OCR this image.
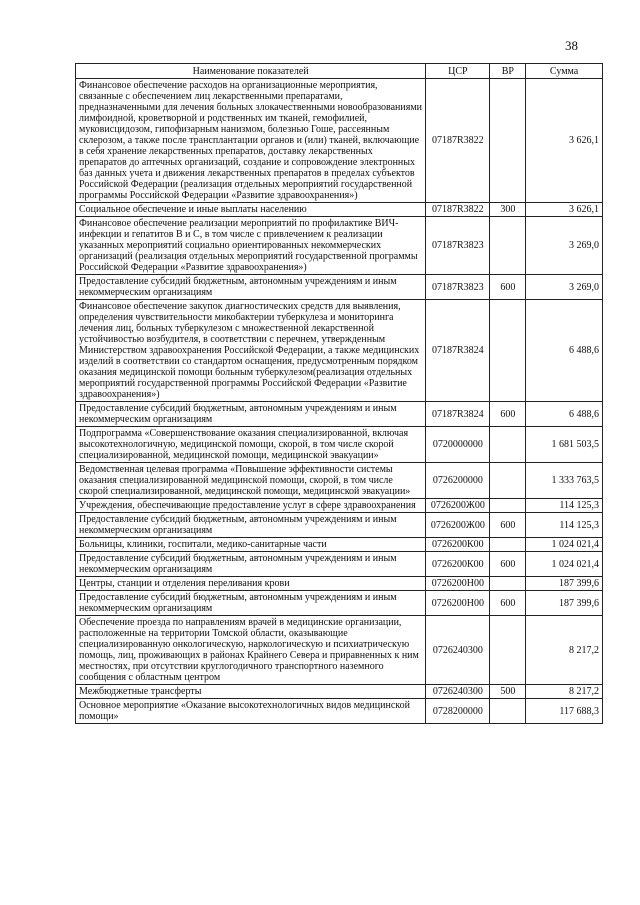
38
Наименование показателей	ЦСР	ВР	Сумма
Финансовое обеспечение расходов на организационные мероприятия, связанные с обеспечением лиц лекарственными препаратами, предназначенными для лечения больных злокачественными новообразованиями лимфоидной, кроветворной и родственных им тканей, гемофилией, муковисцидозом, гипофизарным нанизмом, болезнью Гоше, рассеянным склерозом, а также после трансплантации органов и (или) тканей, включающие в себя хранение лекарственных препаратов, доставку лекарственных препаратов до аптечных организаций, создание и сопровождение электронных баз данных учета и движения лекарственных препаратов в пределах субъектов Российской Федерации (реализация отдельных мероприятий государственной программы Российской Федерации «Развитие здравоохранения»)	07187R3822		3 626,1
Социальное обеспечение и иные выплаты населению	07187R3822	300	3 626,1
Финансовое обеспечение реализации мероприятий по профилактике ВИЧ-инфекции и гепатитов В и С, в том числе с привлечением к реализации указанных мероприятий социально ориентированных некоммерческих организаций (реализация отдельных мероприятий государственной программы Российской Федерации «Развитие здравоохранения»)	07187R3823		3 269,0
Предоставление субсидий бюджетным, автономным учреждениям и иным некоммерческим организациям	07187R3823	600	3 269,0
Финансовое обеспечение закупок диагностических средств для выявления, определения чувствительности микобактерии туберкулеза и мониторинга лечения лиц, больных туберкулезом с множественной лекарственной устойчивостью возбудителя, в соответствии с перечнем, утвержденным Министерством здравоохранения Российской Федерации, а также медицинских изделий в соответствии со стандартом оснащения, предусмотренным порядком оказания медицинской помощи больным туберкулезом(реализация отдельных мероприятий государственной программы Российской Федерации «Развитие здравоохранения»)	07187R3824		6 488,6
Предоставление субсидий бюджетным, автономным учреждениям и иным некоммерческим организациям	07187R3824	600	6 488,6
Подпрограмма «Совершенствование оказания специализированной, включая высокотехнологичную, медицинской помощи, скорой, в том числе скорой специализированной, медицинской помощи, медицинской эвакуации»	0720000000		1 681 503,5
Ведомственная целевая программа «Повышение эффективности системы оказания специализированной медицинской помощи, скорой, в том числе скорой специализированной, медицинской помощи, медицинской эвакуации»	0726200000		1 333 763,5
Учреждения, обеспечивающие предоставление услуг в сфере здравоохранения	0726200Ж00		114 125,3
Предоставление субсидий бюджетным, автономным учреждениям и иным некоммерческим организациям	0726200Ж00	600	114 125,3
Больницы, клиники, госпитали, медико-санитарные части	0726200К00		1 024 021,4
Предоставление субсидий бюджетным, автономным учреждениям и иным некоммерческим организациям	0726200К00	600	1 024 021,4
Центры, станции и отделения переливания крови	0726200Н00		187 399,6
Предоставление субсидий бюджетным, автономным учреждениям и иным некоммерческим организациям	0726200Н00	600	187 399,6
Обеспечение проезда по направлениям врачей в медицинские организации, расположенные на территории Томской области, оказывающие специализированную онкологическую, наркологическую и психиатрическую помощь, лиц, проживающих в районах Крайнего Севера и приравненных к ним местностях, при отсутствии круглогодичного транспортного наземного сообщения с областным центром	0726240300		8 217,2
Межбюджетные трансферты	0726240300	500	8 217,2
Основное мероприятие «Оказание высокотехнологичных видов медицинской помощи»	0728200000		117 688,3
